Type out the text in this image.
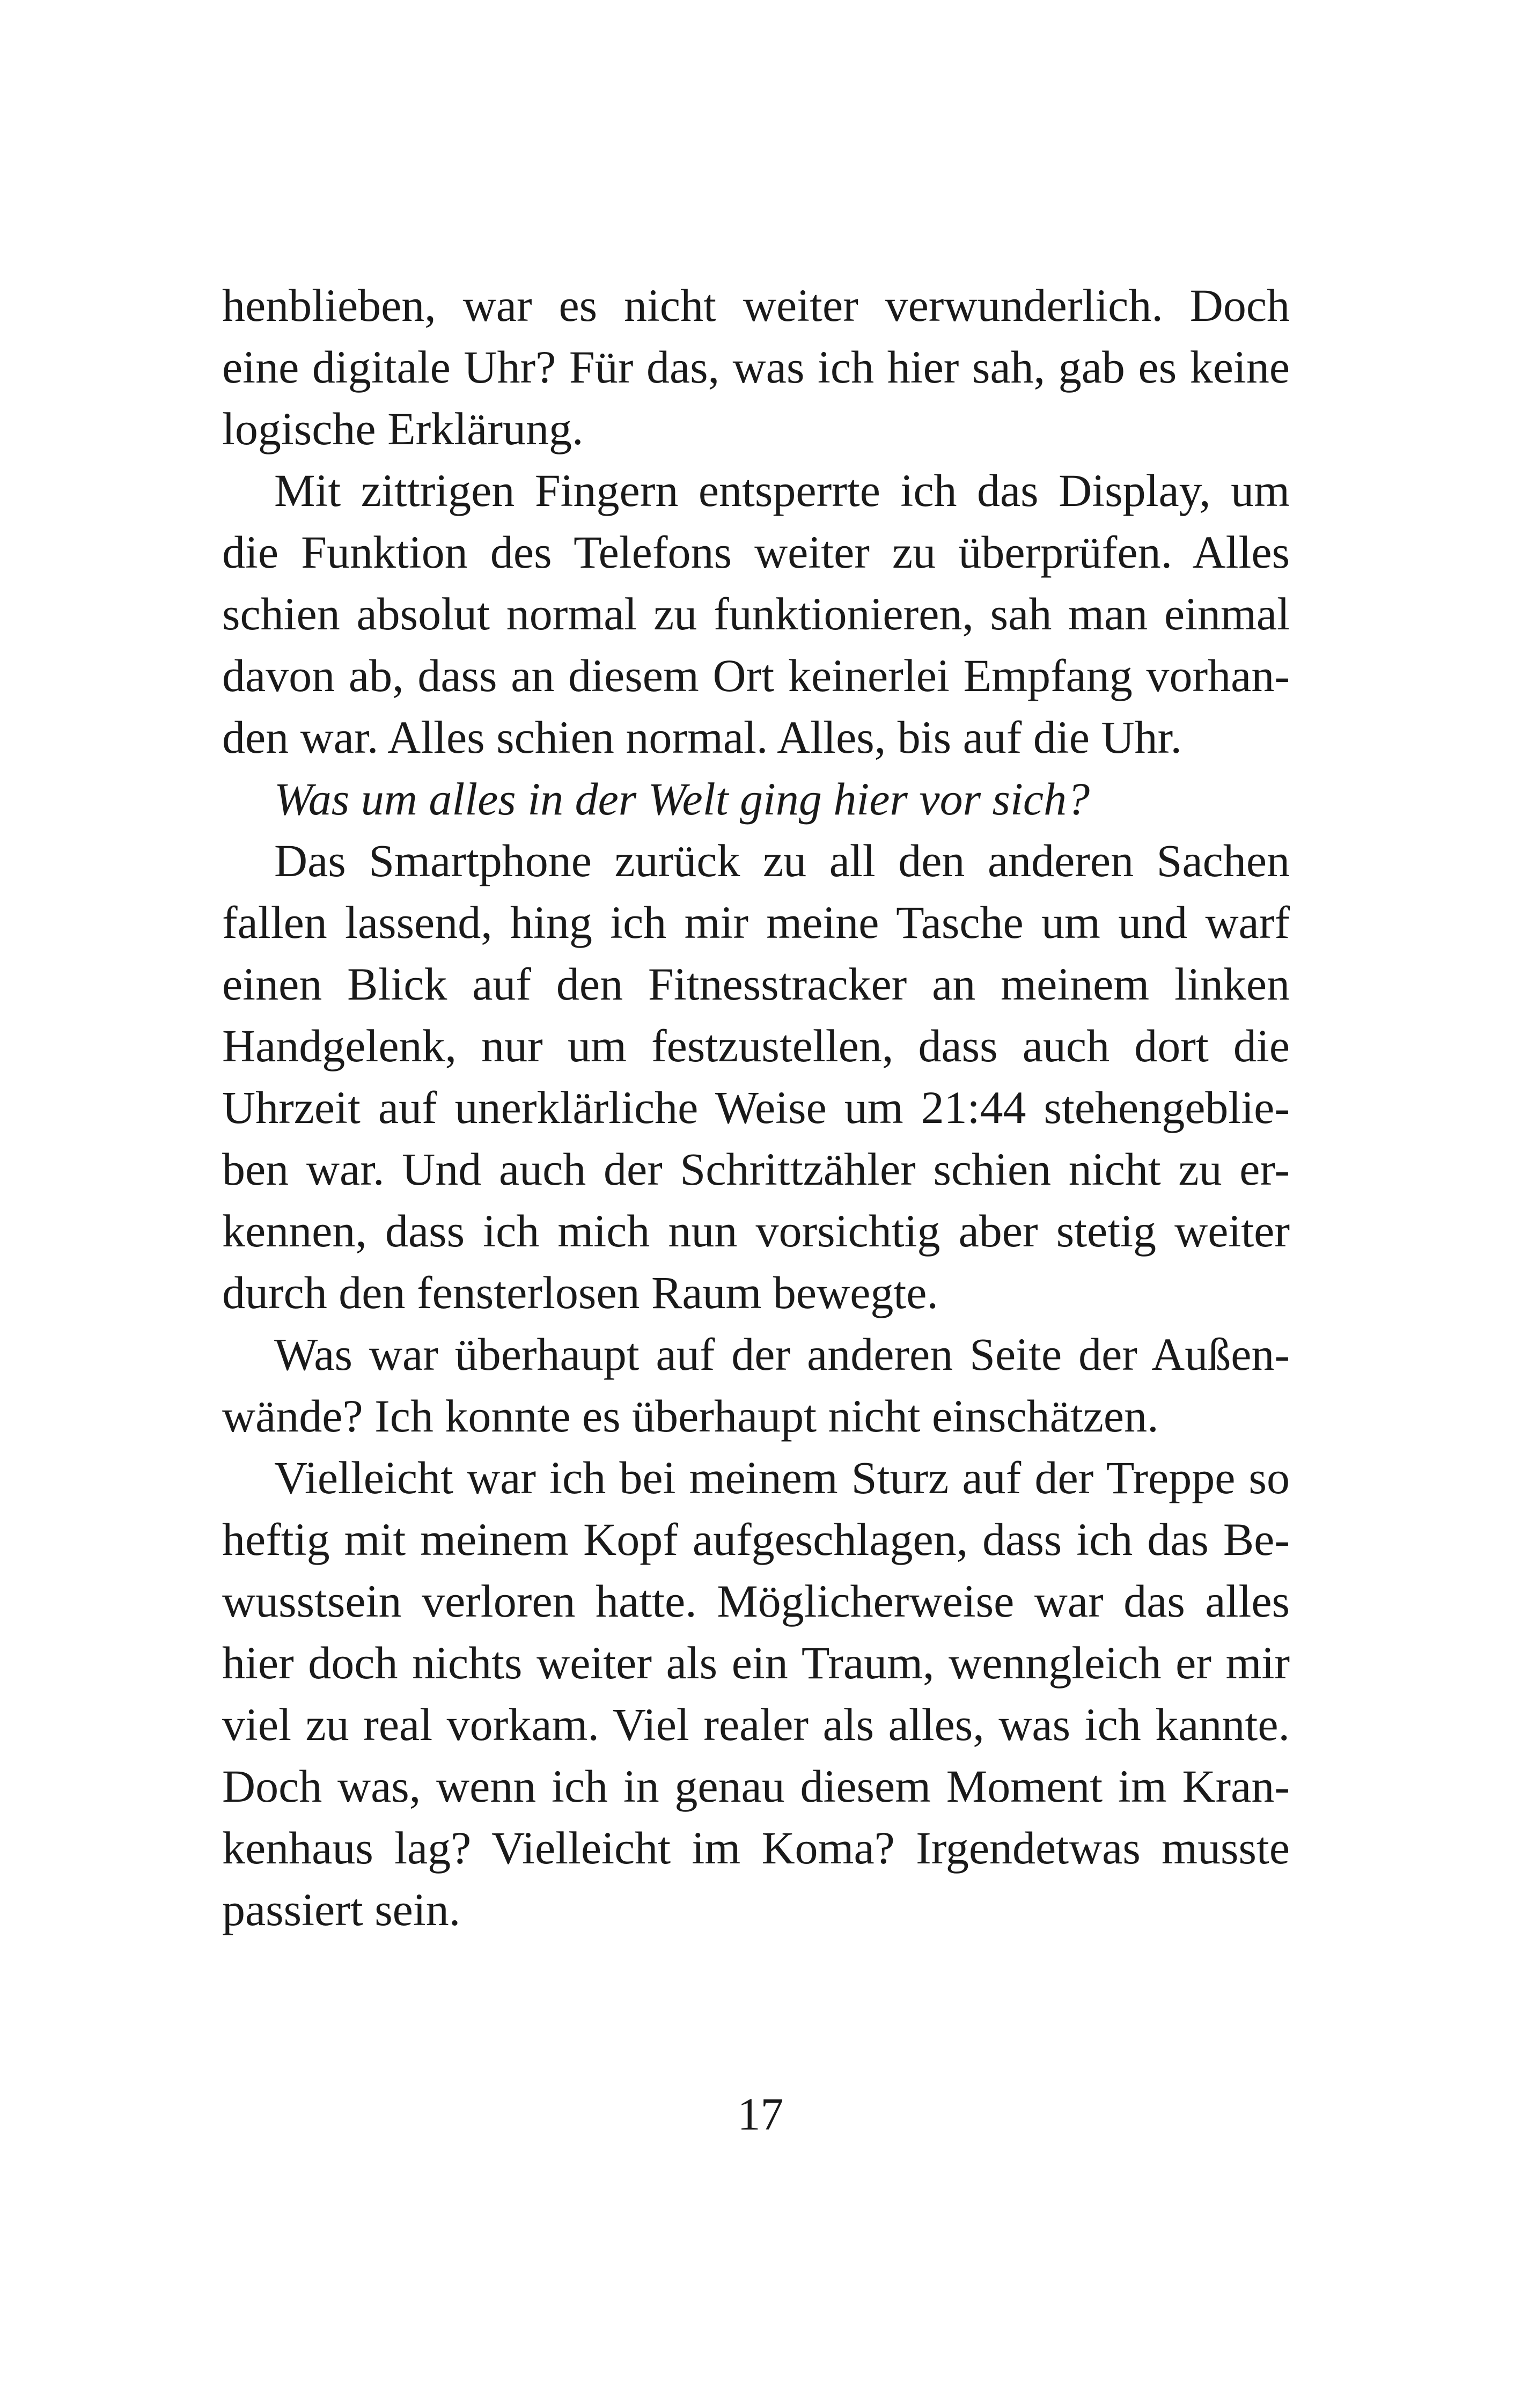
henblieben, war es nicht weiter verwunderlich. Doch
eine digitale Uhr? Für das, was ich hier sah, gab es keine
logische Erklärung.
Mit zittrigen Fingern entsperrte ich das Display, um
die Funktion des Telefons weiter zu überprüfen. Alles
schien absolut normal zu funktionieren, sah man einmal
davon ab, dass an diesem Ort keinerlei Empfang vorhan-
den war. Alles schien normal. Alles, bis auf die Uhr.
Was um alles in der Welt ging hier vor sich?
Das Smartphone zurück zu all den anderen Sachen
fallen lassend, hing ich mir meine Tasche um und warf
einen Blick auf den Fitnesstracker an meinem linken
Handgelenk, nur um festzustellen, dass auch dort die
Uhrzeit auf unerklärliche Weise um 21:44 stehengeblie-
ben war. Und auch der Schrittzähler schien nicht zu er-
kennen, dass ich mich nun vorsichtig aber stetig weiter
durch den fensterlosen Raum bewegte.
Was war überhaupt auf der anderen Seite der Außen-
wände? Ich konnte es überhaupt nicht einschätzen.
Vielleicht war ich bei meinem Sturz auf der Treppe so
heftig mit meinem Kopf aufgeschlagen, dass ich das Be-
wusstsein verloren hatte. Möglicherweise war das alles
hier doch nichts weiter als ein Traum, wenngleich er mir
viel zu real vorkam. Viel realer als alles, was ich kannte.
Doch was, wenn ich in genau diesem Moment im Kran-
kenhaus lag? Vielleicht im Koma? Irgendetwas musste
passiert sein.
17
